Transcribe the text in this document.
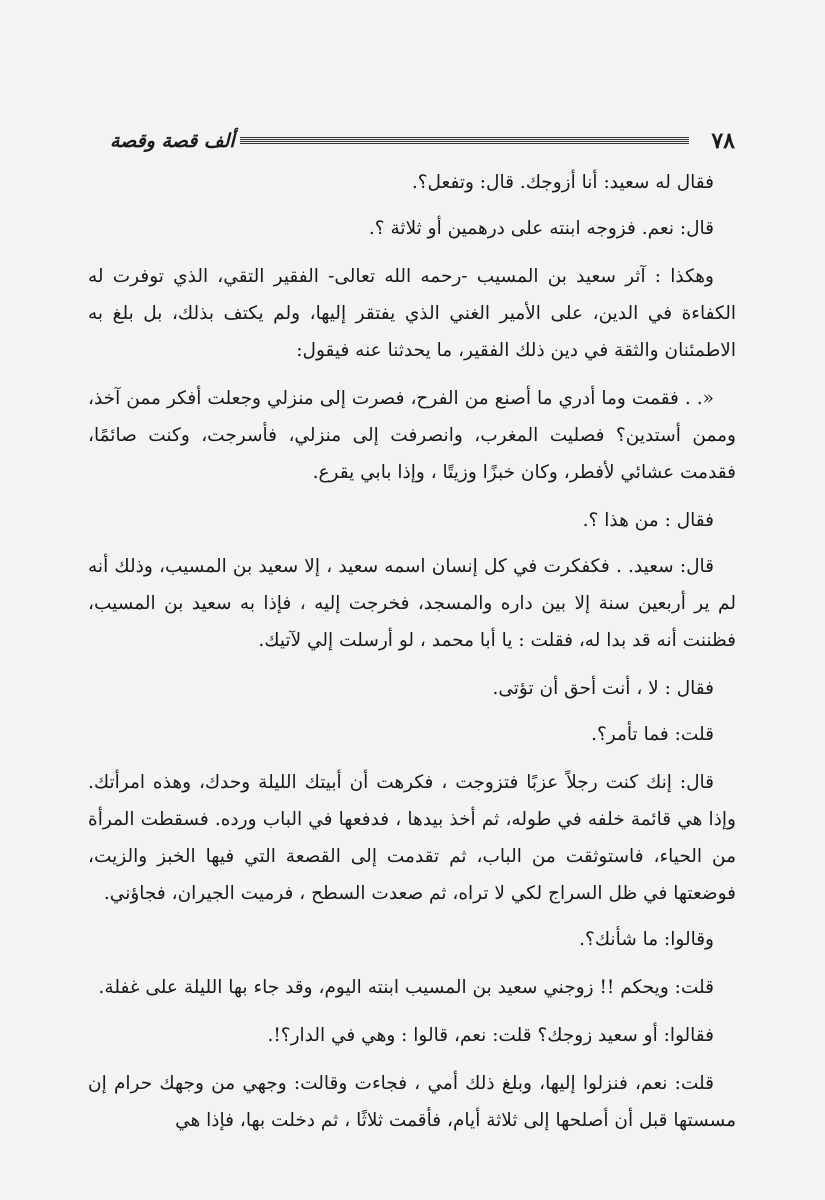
٧٨
ألف قصة وقصة

فقال له سعيد: أنا أزوجك. قال: وتفعل؟.

قال: نعم. فزوجه ابنته على درهمين أو ثلاثة ؟.

وهكذا : آثر سعيد بن المسيب -رحمه الله تعالى- الفقير التقي، الذي توفرت له الكفاءة في الدين، على الأمير الغني الذي يفتقر إليها، ولم يكتف بذلك، بل بلغ به الاطمئنان والثقة في دين ذلك الفقير، ما يحدثنا عنه فيقول:

«. . فقمت وما أدري ما أصنع من الفرح، فصرت إلى منزلي وجعلت أفكر ممن آخذ، وممن أستدين؟ فصليت المغرب، وانصرفت إلى منزلي، فأسرجت، وكنت صائمًا، فقدمت عشائي لأفطر، وكان خبزًا وزيتًا ، وإذا بابي يقرع.

فقال : من هذا ؟.

قال: سعيد. . فكفكرت في كل إنسان اسمه سعيد ، إلا سعيد بن المسيب، وذلك أنه لم ير أربعين سنة إلا بين داره والمسجد، فخرجت إليه ، فإذا به سعيد بن المسيب، فظننت أنه قد بدا له، فقلت : يا أبا محمد ، لو أرسلت إلي لآتيك.

فقال : لا ، أنت أحق أن تؤتى.

قلت: فما تأمر؟.

قال: إنك كنت رجلاً عزبًا فتزوجت ، فكرهت أن أبيتك الليلة وحدك، وهذه امرأتك. وإذا هي قائمة خلفه في طوله، ثم أخذ بيدها ، فدفعها في الباب ورده. فسقطت المرأة من الحياء، فاستوثقت من الباب، ثم تقدمت إلى القصعة التي فيها الخبز والزيت، فوضعتها في ظل السراج لكي لا تراه، ثم صعدت السطح ، فرميت الجيران، فجاؤني.

وقالوا: ما شأنك؟.

قلت: ويحكم !! زوجني سعيد بن المسيب ابنته اليوم، وقد جاء بها الليلة على غفلة.

فقالوا: أو سعيد زوجك؟ قلت: نعم، قالوا : وهي في الدار؟!.

قلت: نعم، فنزلوا إليها، وبلغ ذلك أمي ، فجاءت وقالت: وجهي من وجهك حرام إن مسستها قبل أن أصلحها إلى ثلاثة أيام، فأقمت ثلاثًا ، ثم دخلت بها، فإذا هي
